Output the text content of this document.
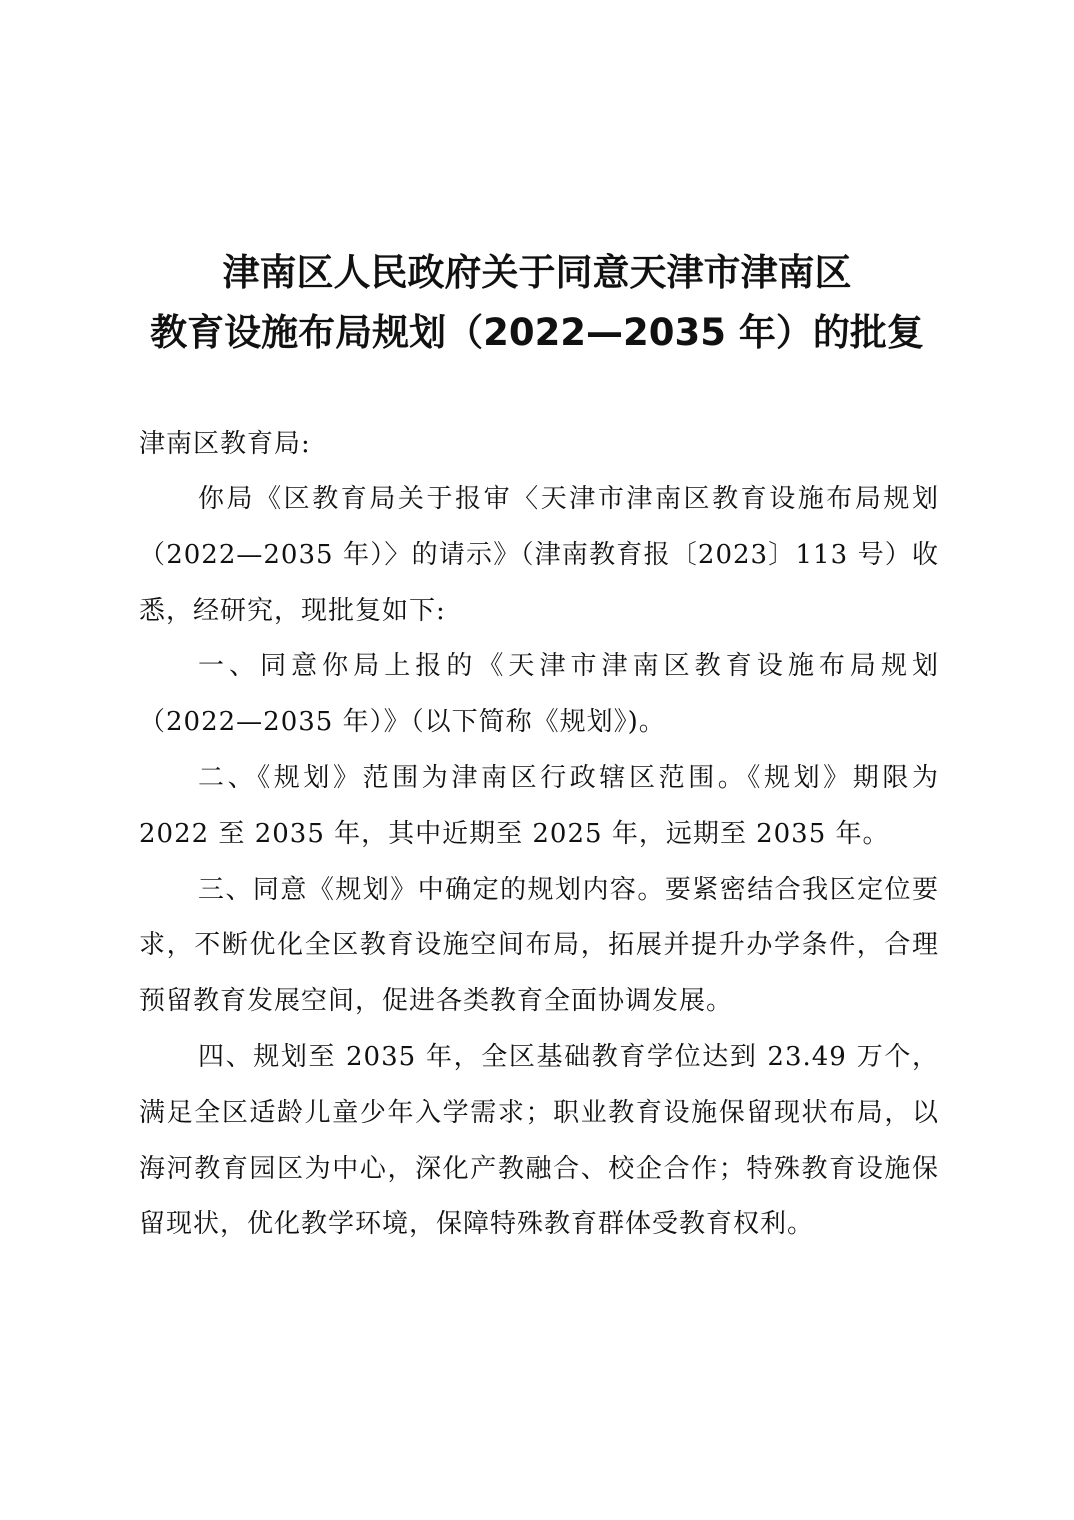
津南区人民政府关于同意天津市津南区
教育设施布局规划（2022—2035 年）的批复
津南区教育局:

你局《区教育局关于报审〈天津市津南区教育设施布局规划（2022—2035 年）〉的请示》（津南教育报〔2023〕113 号）收悉，经研究，现批复如下:

一、同意你局上报的《天津市津南区教育设施布局规划（2022—2035 年）》（以下简称《规划》)。

二、《规划》范围为津南区行政辖区范围。《规划》期限为 2022 至 2035 年，其中近期至 2025 年，远期至 2035 年。

三、同意《规划》中确定的规划内容。要紧密结合我区定位要求，不断优化全区教育设施空间布局，拓展并提升办学条件，合理预留教育发展空间，促进各类教育全面协调发展。

四、规划至 2035 年，全区基础教育学位达到 23.49 万个，满足全区适龄儿童少年入学需求；职业教育设施保留现状布局，以海河教育园区为中心，深化产教融合、校企合作；特殊教育设施保留现状，优化教学环境，保障特殊教育群体受教育权利。
